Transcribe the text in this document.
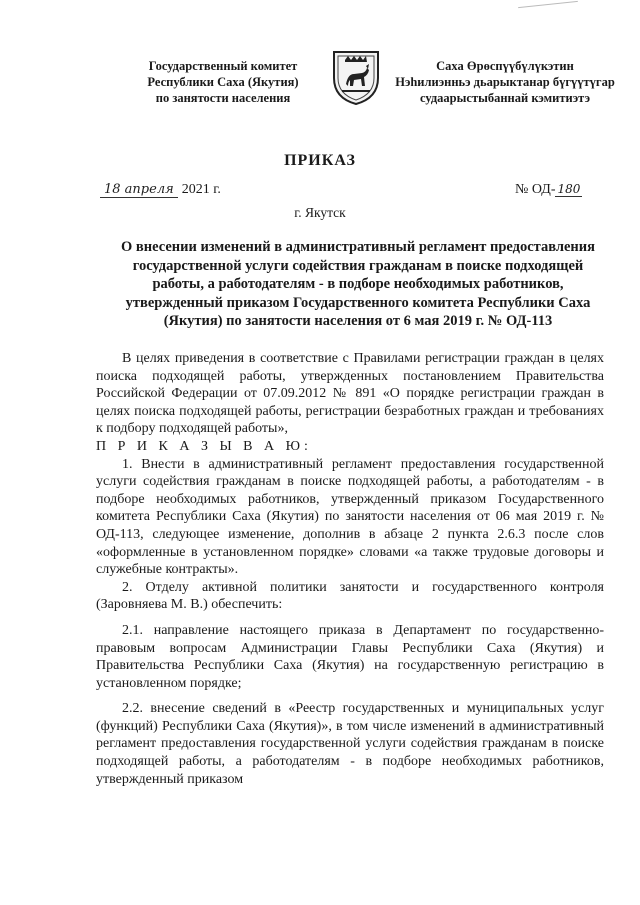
Государственный комитет
Республики Саха (Якутия)
по занятости населения
Саха Өрөспүүбүлүкэтин
Нэһилиэнньэ дьарыктанар бүгүүтүгар
судаарыстыбаннай кэмитиэтэ
ПРИКАЗ
18 апреля 2021 г.	№ ОД- 180
г. Якутск
О внесении изменений в административный регламент предоставления государственной услуги содействия гражданам в поиске подходящей работы, а работодателям - в подборе необходимых работников, утвержденный приказом Государственного комитета Республики Саха (Якутия) по занятости населения от 6 мая 2019 г. № ОД-113

В целях приведения в соответствие с Правилами регистрации граждан в целях поиска подходящей работы, утвержденных постановлением Правительства Российской Федерации от 07.09.2012 № 891 «О порядке регистрации граждан в целях поиска подходящей работы, регистрации безработных граждан и требованиях к подбору подходящей работы»,

П Р И К А З Ы В А Ю:

1. Внести в административный регламент предоставления государственной услуги содействия гражданам в поиске подходящей работы, а работодателям - в подборе необходимых работников, утвержденный приказом Государственного комитета Республики Саха (Якутия) по занятости населения от 06 мая 2019 г. № ОД-113, следующее изменение, дополнив в абзаце 2 пункта 2.6.3 после слов «оформленные в установленном порядке» словами «а также трудовые договоры и служебные контракты».

2. Отделу активной политики занятости и государственного контроля (Заровняева М. В.) обеспечить:

2.1. направление настоящего приказа в Департамент по государственно-правовым вопросам Администрации Главы Республики Саха (Якутия) и Правительства Республики Саха (Якутия) на государственную регистрацию в установленном порядке;

2.2. внесение сведений в «Реестр государственных и муниципальных услуг (функций) Республики Саха (Якутия)», в том числе изменений в административный регламент предоставления государственной услуги содействия гражданам в поиске подходящей работы, а работодателям - в подборе необходимых работников, утвержденный приказом
